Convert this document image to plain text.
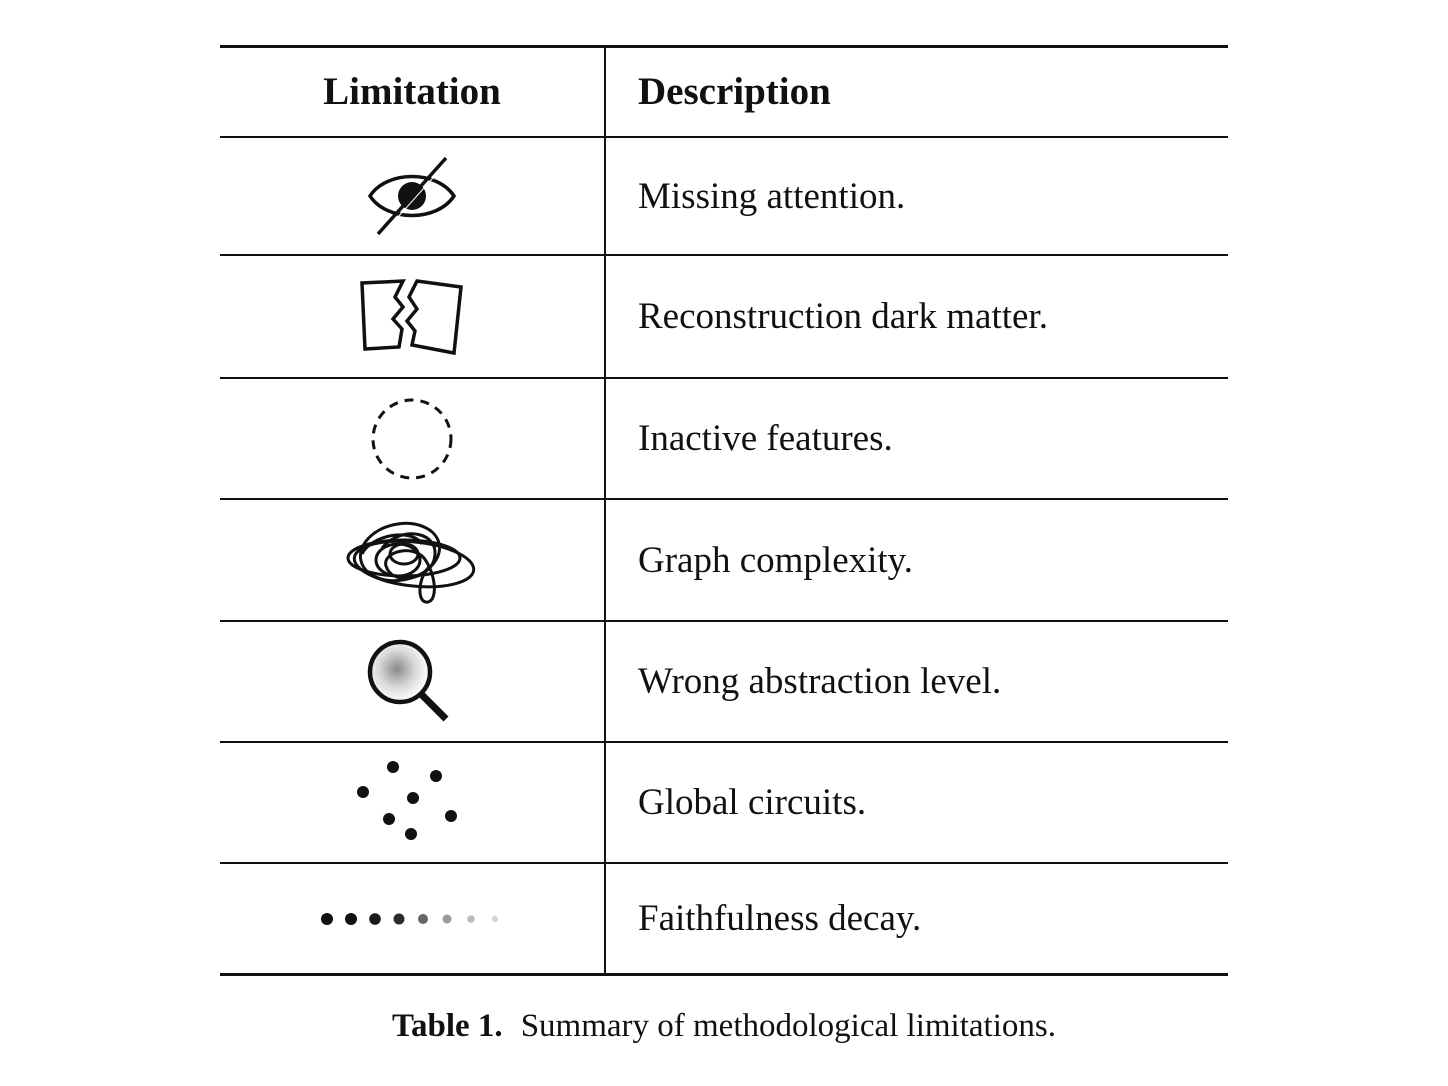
Limitation	Description
Missing attention.
Reconstruction dark matter.
Inactive features.
Graph complexity.
Wrong abstraction level.
Global circuits.
Faithfulness decay.
Table 1. Summary of methodological limitations.
